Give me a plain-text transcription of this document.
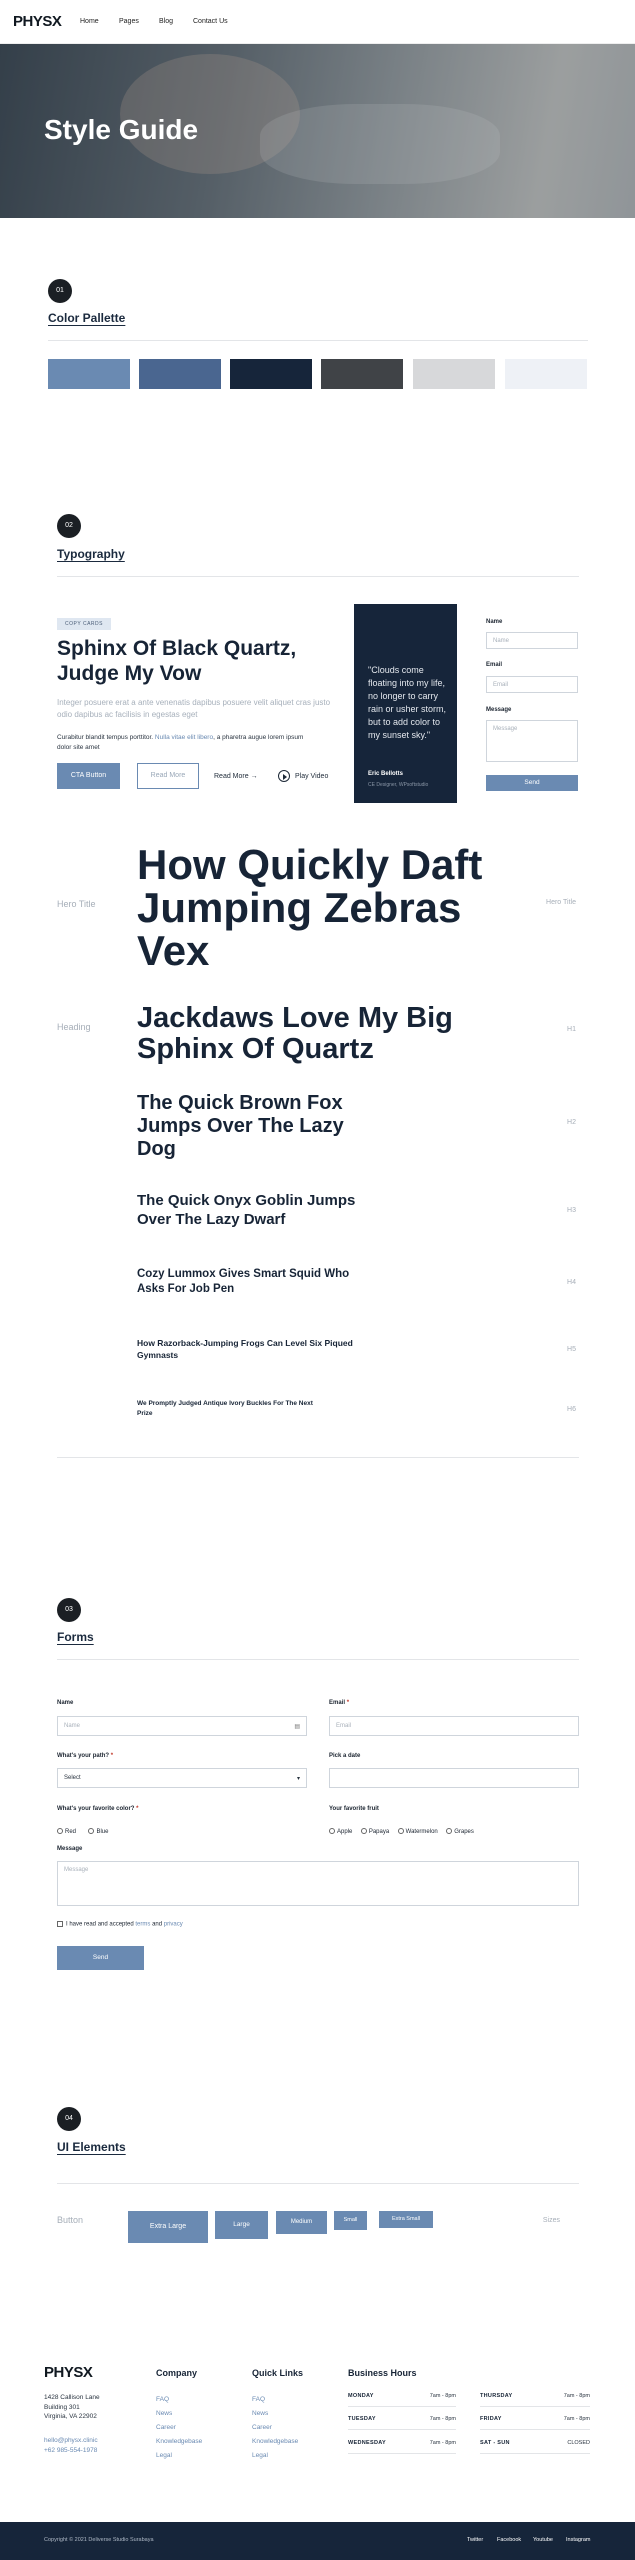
PHYSX	Home	Pages	Blog	Contact Us
Style Guide
01
Color Pallette
02
Typography
COPY CARDS
Sphinx Of Black Quartz, Judge My Vow
Integer posuere erat a ante venenatis dapibus posuere velit aliquet cras justo odio dapibus ac facilisis in egestas eget
Curabitur blandit tempus porttitor. Nulla vitae elit libero, a pharetra augue lorem ipsum dolor site amet
CTA Button	Read More	Read More →	Play Video
"Clouds come floating into my life, no longer to carry rain or usher storm, but to add color to my sunset sky."
Eric Bellotts
CE Designer, WPsoftstudio
Name
Name
Email
Email
Message
Message
Send
Hero Title	Hero Title
How Quickly Daft Jumping Zebras Vex
Heading	H1
Jackdaws Love My Big Sphinx Of Quartz
H2
The Quick Brown Fox Jumps Over The Lazy Dog
H3
The Quick Onyx Goblin Jumps Over The Lazy Dwarf
H4
Cozy Lummox Gives Smart Squid Who Asks For Job Pen
H5
How Razorback-Jumping Frogs Can Level Six Piqued Gymnasts
H6
We Promptly Judged Antique Ivory Buckles For The Next Prize
03
Forms
Name
Name	▤
Email *
Email
What's your path? *
Select	▾
Pick a date
What's your favorite color? *
Red	Blue
Your favorite fruit
Apple	Papaya	Watermelon	Grapes
Message
Message
I have read and accepted terms and privacy
Send
04
UI Elements
Button
Extra Large	Large	Medium	Small	Extra Small	Sizes
PHYSX
1428 Callison Lane
Building 301
Virginia, VA 22902
hello@physx.clinic
+62 985-554-1978
Company
FAQ
News
Career
Knowledgebase
Legal
Quick Links
FAQ
News
Career
Knowledgebase
Legal
Business Hours
MONDAY	7am - 8pm
TUESDAY	7am - 8pm
WEDNESDAY	7am - 8pm
THURSDAY	7am - 8pm
FRIDAY	7am - 8pm
SAT - SUN	CLOSED
Copyright © 2021 Deliverse Studio Surabaya	Twitter	Facebook Youtube Instagram
